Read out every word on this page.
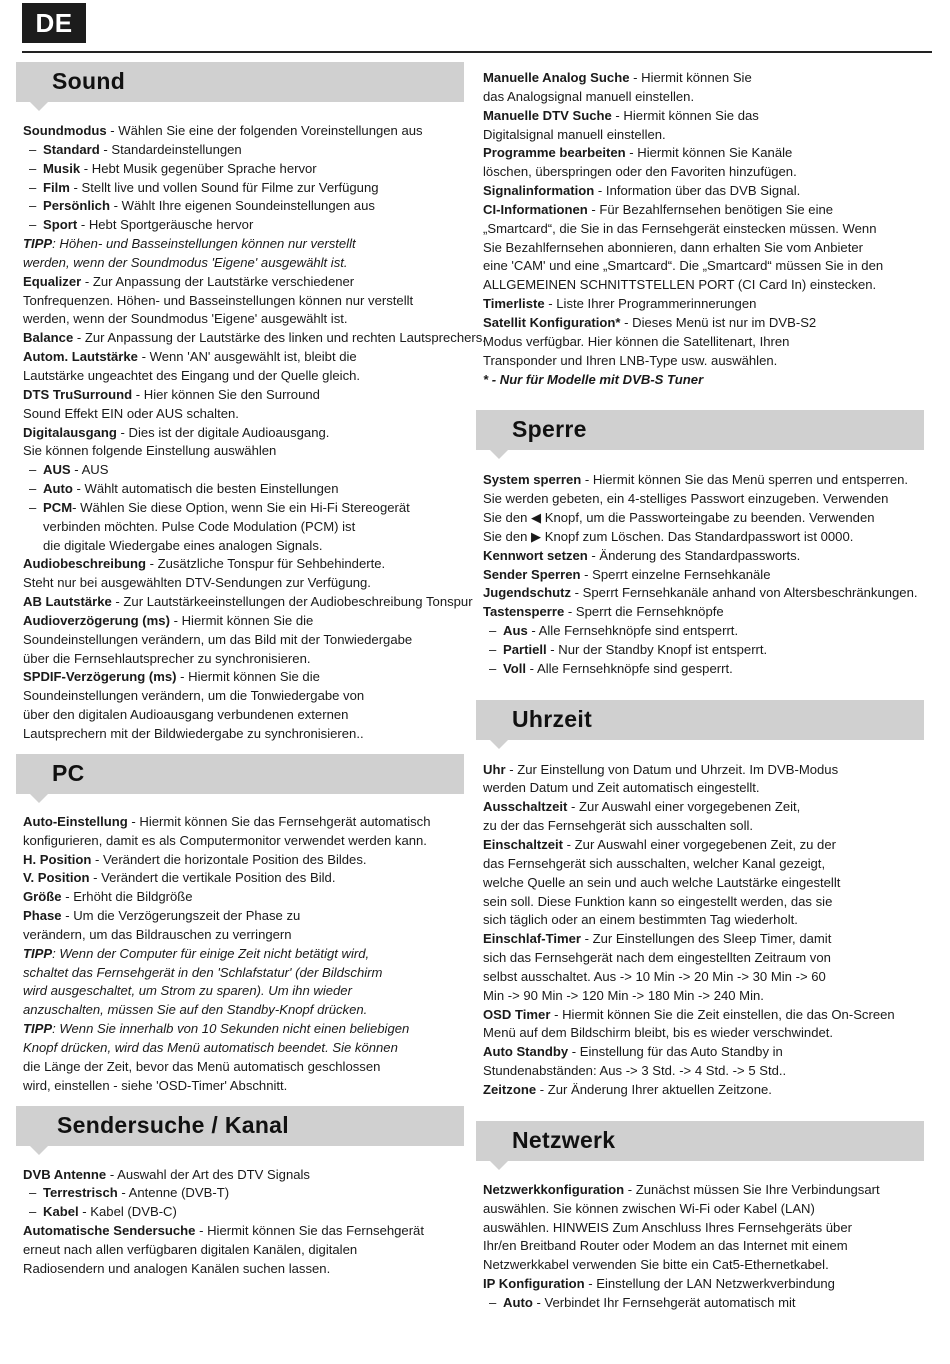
DE
Sound
Soundmodus - Wählen Sie eine der folgenden Voreinstellungen aus
– Standard - Standardeinstellungen
– Musik - Hebt Musik gegenüber Sprache hervor
– Film - Stellt live und vollen Sound für Filme zur Verfügung
– Persönlich - Wählt Ihre eigenen Soundeinstellungen aus
– Sport - Hebt Sportgeräusche hervor
TIPP: Höhen- und Basseinstellungen können nur verstellt
werden, wenn der Soundmodus 'Eigene' ausgewählt ist.
Equalizer - Zur Anpassung der Lautstärke verschiedener
Tonfrequenzen. Höhen- und Basseinstellungen können nur verstellt
werden, wenn der Soundmodus 'Eigene' ausgewählt ist.
Balance - Zur Anpassung der Lautstärke des linken und rechten Lautsprechers.
Autom. Lautstärke - Wenn 'AN' ausgewählt ist, bleibt die
Lautstärke ungeachtet des Eingang und der Quelle gleich.
DTS TruSurround - Hier können Sie den Surround
Sound Effekt EIN oder AUS schalten.
Digitalausgang - Dies ist der digitale Audioausgang.
Sie können folgende Einstellung auswählen
– AUS - AUS
– Auto - Wählt automatisch die besten Einstellungen
– PCM- Wählen Sie diese Option, wenn Sie ein Hi-Fi Stereogerät
verbinden möchten. Pulse Code Modulation (PCM) ist
die digitale Wiedergabe eines analogen Signals.
Audiobeschreibung - Zusätzliche Tonspur für Sehbehinderte.
Steht nur bei ausgewählten DTV-Sendungen zur Verfügung.
AB Lautstärke - Zur Lautstärkeeinstellungen der Audiobeschreibung Tonspur
Audioverzögerung (ms) - Hiermit können Sie die
Soundeinstellungen verändern, um das Bild mit der Tonwiedergabe
über die Fernsehlautsprecher zu synchronisieren.
SPDIF-Verzögerung (ms) - Hiermit können Sie die
Soundeinstellungen verändern, um die Tonwiedergabe von
über den digitalen Audioausgang verbundenen externen
Lautsprechern mit der Bildwiedergabe zu synchronisieren..
PC
Auto-Einstellung - Hiermit können Sie das Fernsehgerät automatisch
konfigurieren, damit es als Computermonitor verwendet werden kann.
H. Position - Verändert die horizontale Position des Bildes.
V. Position - Verändert die vertikale Position des Bild.
Größe - Erhöht die Bildgröße
Phase - Um die Verzögerungszeit der Phase zu
verändern, um das Bildrauschen zu verringern
TIPP: Wenn der Computer für einige Zeit nicht betätigt wird,
schaltet das Fernsehgerät in den 'Schlafstatur' (der Bildschirm
wird ausgeschaltet, um Strom zu sparen). Um ihn wieder
anzuschalten, müssen Sie auf den Standby-Knopf drücken.
TIPP: Wenn Sie innerhalb von 10 Sekunden nicht einen beliebigen
Knopf drücken, wird das Menü automatisch beendet. Sie können
die Länge der Zeit, bevor das Menü automatisch geschlossen
wird, einstellen - siehe 'OSD-Timer' Abschnitt.
Sendersuche / Kanal
DVB Antenne - Auswahl der Art des DTV Signals
– Terrestrisch - Antenne (DVB-T)
– Kabel - Kabel (DVB-C)
Automatische Sendersuche - Hiermit können Sie das Fernsehgerät
erneut nach allen verfügbaren digitalen Kanälen, digitalen
Radiosendern und analogen Kanälen suchen lassen.
Manuelle Analog Suche - Hiermit können Sie
das Analogsignal manuell einstellen.
Manuelle DTV Suche - Hiermit können Sie das
Digitalsignal manuell einstellen.
Programme bearbeiten - Hiermit können Sie Kanäle
löschen, überspringen oder den Favoriten hinzufügen.
Signalinformation - Information über das DVB Signal.
CI-Informationen - Für Bezahlfernsehen benötigen Sie eine
„Smartcard“, die Sie in das Fernsehgerät einstecken müssen. Wenn
Sie Bezahlfernsehen abonnieren, dann erhalten Sie vom Anbieter
eine 'CAM' und eine „Smartcard“. Die „Smartcard“ müssen Sie in den
ALLGEMEINEN SCHNITTSTELLEN PORT (CI Card In) einstecken.
Timerliste - Liste Ihrer Programmerinnerungen
Satellit Konfiguration* - Dieses Menü ist nur im DVB-S2
Modus verfügbar. Hier können die Satellitenart, Ihren
Transponder und Ihren LNB-Type usw. auswählen.
* - Nur für Modelle mit DVB-S Tuner
Sperre
System sperren - Hiermit können Sie das Menü sperren und entsperren.
Sie werden gebeten, ein 4-stelliges Passwort einzugeben. Verwenden
Sie den ◀ Knopf, um die Passworteingabe zu beenden. Verwenden
Sie den ▶ Knopf zum Löschen. Das Standardpasswort ist 0000.
Kennwort setzen - Änderung des Standardpassworts.
Sender Sperren - Sperrt einzelne Fernsehkanäle
Jugendschutz - Sperrt Fernsehkanäle anhand von Altersbeschränkungen.
Tastensperre - Sperrt die Fernsehknöpfe
– Aus - Alle Fernsehknöpfe sind entsperrt.
– Partiell - Nur der Standby Knopf ist entsperrt.
– Voll - Alle Fernsehknöpfe sind gesperrt.
Uhrzeit
Uhr - Zur Einstellung von Datum und Uhrzeit. Im DVB-Modus
werden Datum und Zeit automatisch eingestellt.
Ausschaltzeit - Zur Auswahl einer vorgegebenen Zeit,
zu der das Fernsehgerät sich ausschalten soll.
Einschaltzeit - Zur Auswahl einer vorgegebenen Zeit, zu der
das Fernsehgerät sich ausschalten, welcher Kanal gezeigt,
welche Quelle an sein und auch welche Lautstärke eingestellt
sein soll. Diese Funktion kann so eingestellt werden, das sie
sich täglich oder an einem bestimmten Tag wiederholt.
Einschlaf-Timer - Zur Einstellungen des Sleep Timer, damit
sich das Fernsehgerät nach dem eingestellten Zeitraum von
selbst ausschaltet. Aus -> 10 Min -> 20 Min -> 30 Min -> 60
Min -> 90 Min -> 120 Min -> 180 Min -> 240 Min.
OSD Timer - Hiermit können Sie die Zeit einstellen, die das On-Screen
Menü auf dem Bildschirm bleibt, bis es wieder verschwindet.
Auto Standby - Einstellung für das Auto Standby in
Stundenabständen: Aus -> 3 Std. -> 4 Std. -> 5 Std..
Zeitzone - Zur Änderung Ihrer aktuellen Zeitzone.
Netzwerk
Netzwerkkonfiguration - Zunächst müssen Sie Ihre Verbindungsart
auswählen. Sie können zwischen Wi-Fi oder Kabel (LAN)
auswählen. HINWEIS Zum Anschluss Ihres Fernsehgeräts über
Ihr/en Breitband Router oder Modem an das Internet mit einem
Netzwerkkabel verwenden Sie bitte ein Cat5-Ethernetkabel.
IP Konfiguration - Einstellung der LAN Netzwerkverbindung
– Auto - Verbindet Ihr Fernsehgerät automatisch mit
